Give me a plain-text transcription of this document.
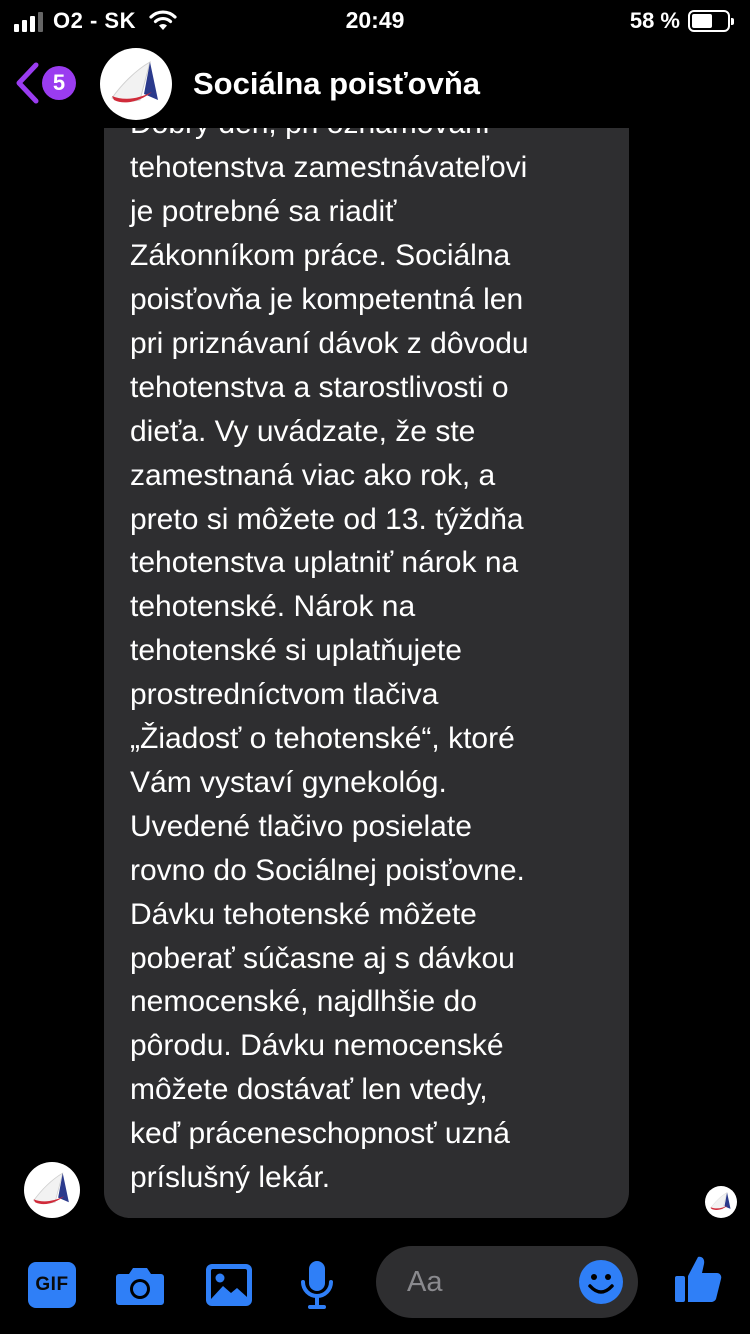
tehotenstva zamestnávateľovi
je potrebné sa riadiť
Zákonníkom práce. Sociálna
poisťovňa je kompetentná len
pri priznávaní dávok z dôvodu
tehotenstva a starostlivosti o
dieťa. Vy uvádzate, že ste
zamestnaná viac ako rok, a
preto si môžete od 13. týždňa
tehotenstva uplatniť nárok na
tehotenské. Nárok na
tehotenské si uplatňujete
prostredníctvom tlačiva
„Žiadosť o tehotenské“, ktoré
Vám vystaví gynekológ.
Uvedené tlačivo posielate
rovno do Sociálnej poisťovne.
Dávku tehotenské môžete
poberať súčasne aj s dávkou
nemocenské, najdlhšie do
pôrodu. Dávku nemocenské
môžete dostávať len vtedy,
keď práceneschopnosť uzná
príslušný lekár.
O2 - SK	20:49	58 %
5	Sociálna poisťovňa
GIF	Aa
